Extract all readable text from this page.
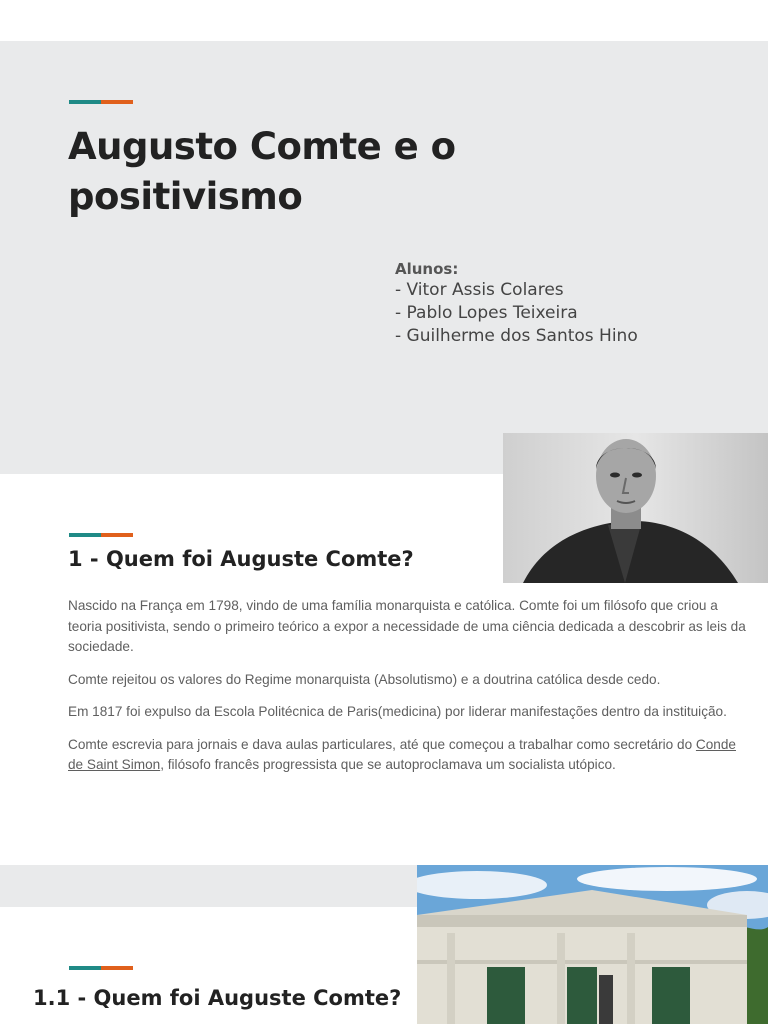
Augusto Comte e o positivismo
Alunos:
- Vitor Assis Colares
- Pablo Lopes Teixeira
- Guilherme dos Santos Hino
1 - Quem foi Auguste Comte?

Nascido na França em 1798, vindo de uma família monarquista e católica. Comte foi um filósofo que criou a teoria positivista, sendo o primeiro teórico a expor a necessidade de uma ciência dedicada a descobrir as leis da sociedade.

Comte rejeitou os valores do Regime monarquista (Absolutismo) e a doutrina católica desde cedo.

Em 1817 foi expulso da Escola Politécnica de Paris(medicina) por liderar manifestações dentro da instituição.

Comte escrevia para jornais e dava aulas particulares, até que começou a trabalhar como secretário do Conde de Saint Simon, filósofo francês progressista que se autoproclamava um socialista utópico.

1.1 - Quem foi Auguste Comte?
